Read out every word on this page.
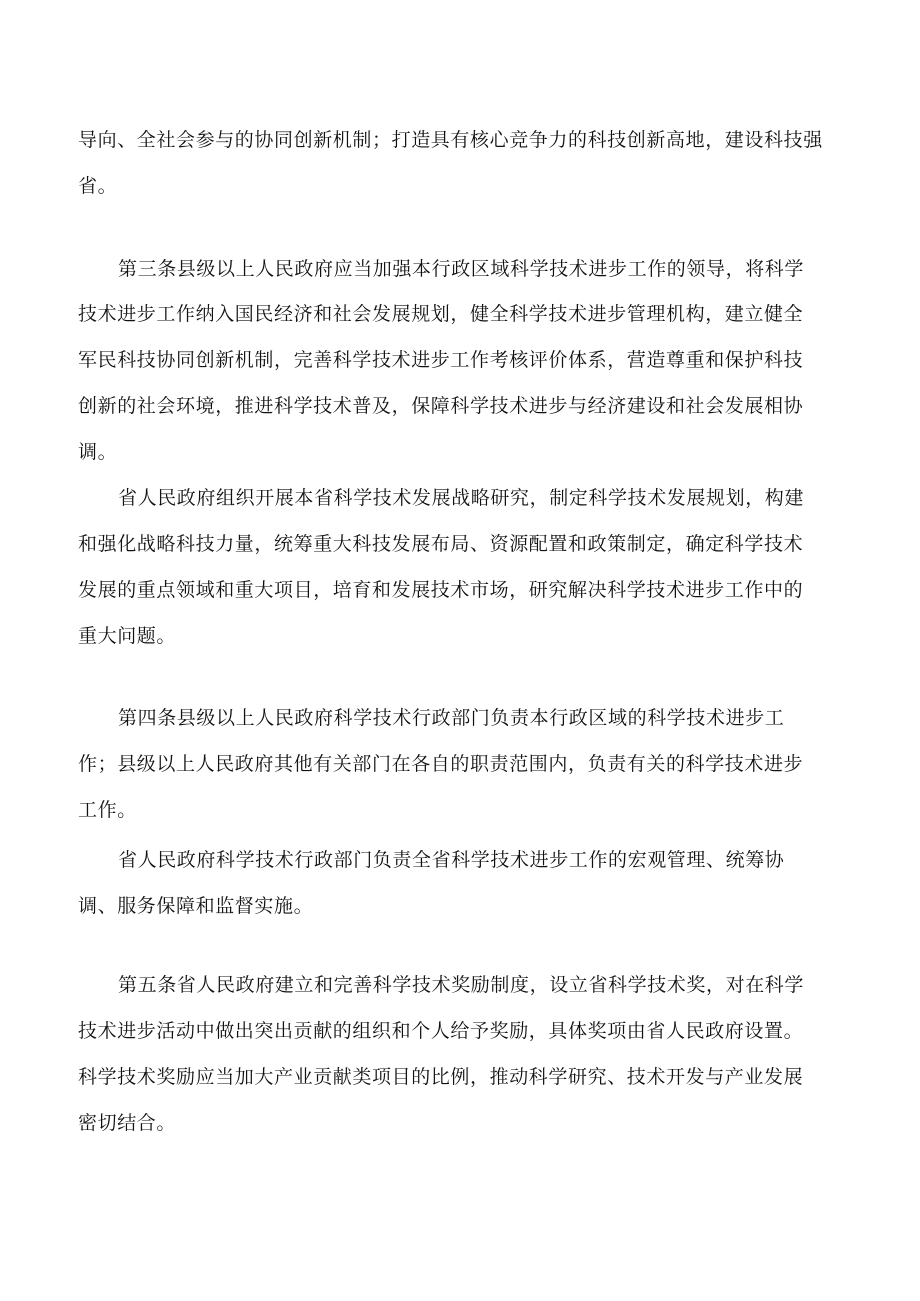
导向、全社会参与的协同创新机制；打造具有核心竞争力的科技创新高地，建设科技强
省。
第三条县级以上人民政府应当加强本行政区域科学技术进步工作的领导，将科学
技术进步工作纳入国民经济和社会发展规划，健全科学技术进步管理机构，建立健全
军民科技协同创新机制，完善科学技术进步工作考核评价体系，营造尊重和保护科技
创新的社会环境，推进科学技术普及，保障科学技术进步与经济建设和社会发展相协
调。
省人民政府组织开展本省科学技术发展战略研究，制定科学技术发展规划，构建
和强化战略科技力量，统筹重大科技发展布局、资源配置和政策制定，确定科学技术
发展的重点领域和重大项目，培育和发展技术市场，研究解决科学技术进步工作中的
重大问题。
第四条县级以上人民政府科学技术行政部门负责本行政区域的科学技术进步工
作；县级以上人民政府其他有关部门在各自的职责范围内，负责有关的科学技术进步
工作。
省人民政府科学技术行政部门负责全省科学技术进步工作的宏观管理、统筹协
调、服务保障和监督实施。
第五条省人民政府建立和完善科学技术奖励制度，设立省科学技术奖，对在科学
技术进步活动中做出突出贡献的组织和个人给予奖励，具体奖项由省人民政府设置。
科学技术奖励应当加大产业贡献类项目的比例，推动科学研究、技术开发与产业发展
密切结合。
